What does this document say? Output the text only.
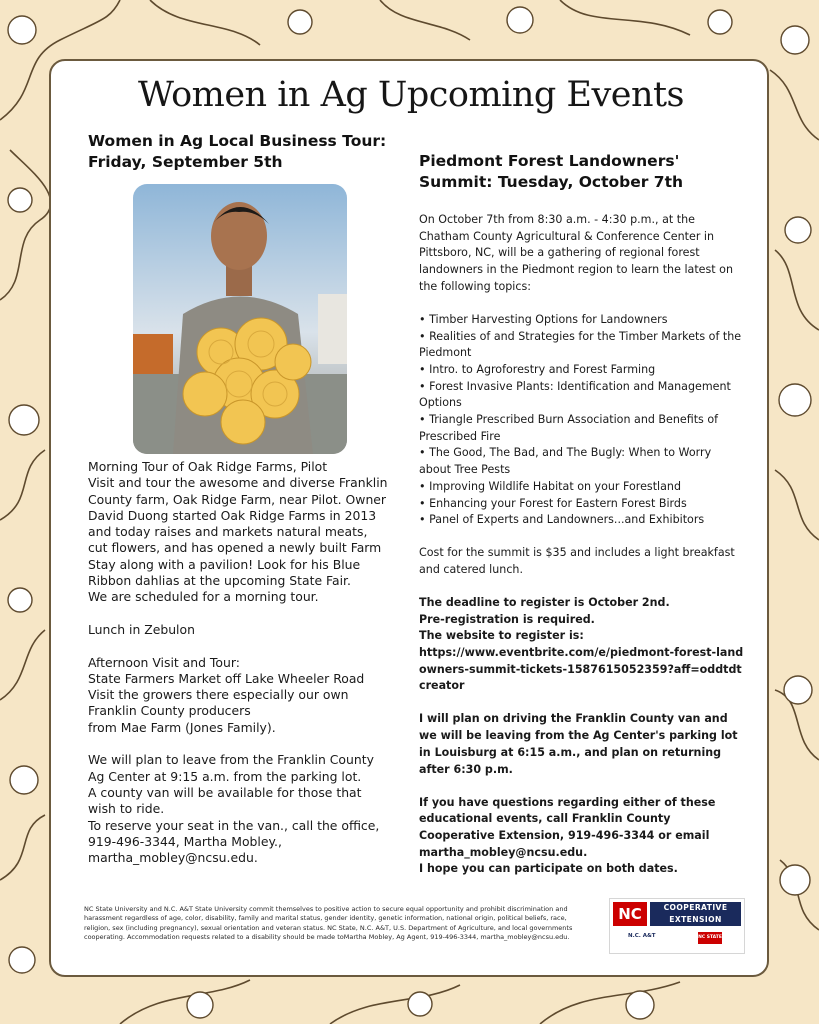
Women in Ag Upcoming Events
Women in Ag Local Business Tour: Friday, September 5th

Morning Tour of Oak Ridge Farms, Pilot

Visit and tour the awesome and diverse Franklin County farm, Oak Ridge Farm, near Pilot. Owner David Duong started Oak Ridge Farms in 2013 and today raises and markets natural meats, cut flowers, and has opened a newly built Farm Stay along with a pavilion! Look for his Blue Ribbon dahlias at the upcoming State Fair.

We are scheduled for a morning tour.

Lunch in Zebulon

Afternoon Visit and Tour:

State Farmers Market off Lake Wheeler Road

Visit the growers there especially our own Franklin County producers

from Mae Farm (Jones Family).

We will plan to leave from the Franklin County Ag Center at 9:15 a.m. from the parking lot.

A county van will be available for those that wish to ride.

To reserve your seat in the van., call the office, 919-496-3344, Martha Mobley.,

martha_mobley@ncsu.edu.

Piedmont Forest Landowners' Summit: Tuesday, October 7th

On October 7th from 8:30 a.m. - 4:30 p.m., at the Chatham County Agricultural & Conference Center in Pittsboro, NC, will be a gathering of regional forest landowners in the Piedmont region to learn the latest on the following topics:

• Timber Harvesting Options for Landowners
• Realities of and Strategies for the Timber Markets of the Piedmont
• Intro. to Agroforestry and Forest Farming
• Forest Invasive Plants: Identification and Management Options
• Triangle Prescribed Burn Association and Benefits of Prescribed Fire
• The Good, The Bad, and The Bugly: When to Worry about Tree Pests
• Improving Wildlife Habitat on your Forestland
• Enhancing your Forest for Eastern Forest Birds
• Panel of Experts and Landowners...and Exhibitors

Cost for the summit is $35 and includes a light breakfast and catered lunch.

The deadline to register is October 2nd.

Pre-registration is required.

The website to register is:

https://www.eventbrite.com/e/piedmont-forest-landowners-summit-tickets-1587615052359?aff=oddtdtcreator

I will plan on driving the Franklin County van and we will be leaving from the Ag Center's parking lot in Louisburg at 6:15 a.m., and plan on returning after 6:30 p.m.

If you have questions regarding either of these educational events, call Franklin County Cooperative Extension, 919-496-3344 or email martha_mobley@ncsu.edu.

I hope you can participate on both dates.

NC State University and N.C. A&T State University commit themselves to positive action to secure equal opportunity and prohibit discrimination and harassment regardless of age, color, disability, family and marital status, gender identity, genetic information, national origin, political beliefs, race, religion, sex (including pregnancy), sexual orientation and veteran status. NC State, N.C. A&T, U.S. Department of Agriculture, and local governments cooperating. Accommodation requests related to a disability should be made toMartha Mobley, Ag Agent, 919-496-3344, martha_mobley@ncsu.edu.

NC	COOPERATIVE
EXTENSION
N.C. A&T	NC STATE
